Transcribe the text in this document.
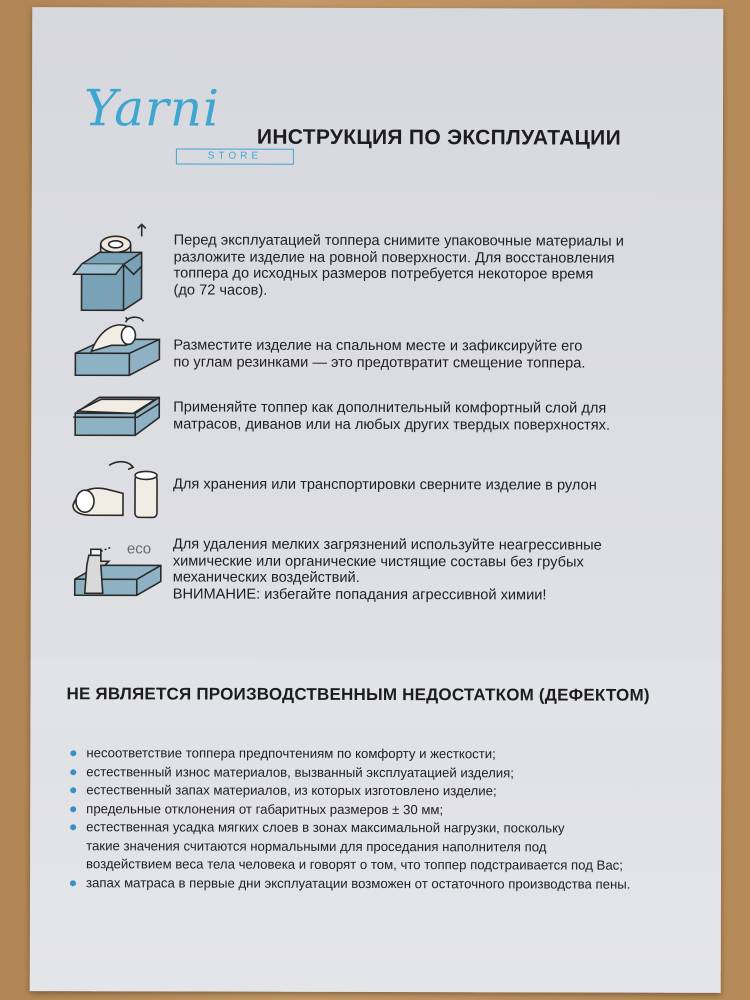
Yarni
STORE
ИНСТРУКЦИЯ ПО ЭКСПЛУАТАЦИИ
Перед эксплуатацией топпера снимите упаковочные материалы и
разложите изделие на ровной поверхности. Для восстановления
топпера до исходных размеров потребуется некоторое время
(до 72 часов).
Разместите изделие на спальном месте и зафиксируйте его
по углам резинками — это предотвратит смещение топпера.
Применяйте топпер как дополнительный комфортный слой для
матрасов, диванов или на любых других твердых поверхностях.
Для хранения или транспортировки сверните изделие в рулон
eco Для удаления мелких загрязнений используйте неагрессивные
химические или органические чистящие составы без грубых
механических воздействий.
ВНИМАНИЕ: избегайте попадания агрессивной химии!
НЕ ЯВЛЯЕТСЯ ПРОИЗВОДСТВЕННЫМ НЕДОСТАТКОМ (ДЕФЕКТОМ)
несоответствие топпера предпочтениям по комфорту и жесткости;
естественный износ материалов, вызванный эксплуатацией изделия;
естественный запах материалов, из которых изготовлено изделие;
предельные отклонения от габаритных размеров ± 30 мм;
естественная усадка мягких слоев в зонах максимальной нагрузки, поскольку
такие значения считаются нормальными для проседания наполнителя под
воздействием веса тела человека и говорят о том, что топпер подстраивается под Вас;
запах матраса в первые дни эксплуатации возможен от остаточного производства пены.
